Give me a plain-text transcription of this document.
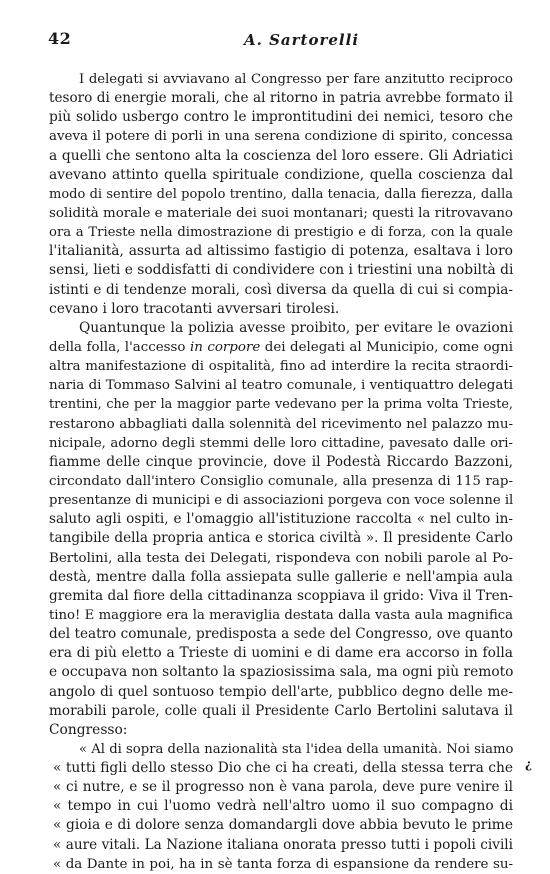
42	A. Sartorelli
I delegati si avviavano al Congresso per fare anzitutto reciproco
tesoro di energie morali, che al ritorno in patria avrebbe formato il
più solido usbergo contro le improntitudini dei nemici, tesoro che
aveva il potere di porli in una serena condizione di spirito, concessa
a quelli che sentono alta la coscienza del loro essere. Gli Adriatici
avevano attinto quella spirituale condizione, quella coscienza dal
modo di sentire del popolo trentino, dalla tenacia, dalla fierezza, dalla
solidità morale e materiale dei suoi montanari; questi la ritrovavano
ora a Trieste nella dimostrazione di prestigio e di forza, con la quale
l'italianità, assurta ad altissimo fastigio di potenza, esaltava i loro
sensi, lieti e soddisfatti di condividere con i triestini una nobiltà di
istinti e di tendenze morali, così diversa da quella di cui si compia-
cevano i loro tracotanti avversari tirolesi.
Quantunque la polizia avesse proibito, per evitare le ovazioni
della folla, l'accesso in corpore dei delegati al Municipio, come ogni
altra manifestazione di ospitalità, fino ad interdire la recita straordi-
naria di Tommaso Salvini al teatro comunale, i ventiquattro delegati
trentini, che per la maggior parte vedevano per la prima volta Trieste,
restarono abbagliati dalla solennità del ricevimento nel palazzo mu-
nicipale, adorno degli stemmi delle loro cittadine, pavesato dalle ori-
fiamme delle cinque provincie, dove il Podestà Riccardo Bazzoni,
circondato dall'intero Consiglio comunale, alla presenza di 115 rap-
presentanze di municipi e di associazioni porgeva con voce solenne il
saluto agli ospiti, e l'omaggio all'istituzione raccolta « nel culto in-
tangibile della propria antica e storica civiltà ». Il presidente Carlo
Bertolini, alla testa dei Delegati, rispondeva con nobili parole al Po-
destà, mentre dalla folla assiepata sulle gallerie e nell'ampia aula
gremita dal fiore della cittadinanza scoppiava il grido: Viva il Tren-
tino! E maggiore era la meraviglia destata dalla vasta aula magnifica
del teatro comunale, predisposta a sede del Congresso, ove quanto
era di più eletto a Trieste di uomini e di dame era accorso in folla
e occupava non soltanto la spaziosissima sala, ma ogni più remoto
angolo di quel sontuoso tempio dell'arte, pubblico degno delle me-
morabili parole, colle quali il Presidente Carlo Bertolini salutava il
Congresso:
« Al di sopra della nazionalità sta l'idea della umanità. Noi siamo
« tutti figli dello stesso Dio che ci ha creati, della stessa terra che
« ci nutre, e se il progresso non è vana parola, deve pure venire il
« tempo in cui l'uomo vedrà nell'altro uomo il suo compagno di
« gioia e di dolore senza domandargli dove abbia bevuto le prime
« aure vitali. La Nazione italiana onorata presso tutti i popoli civili
« da Dante in poi, ha in sè tanta forza di espansione da rendere su-
¿
